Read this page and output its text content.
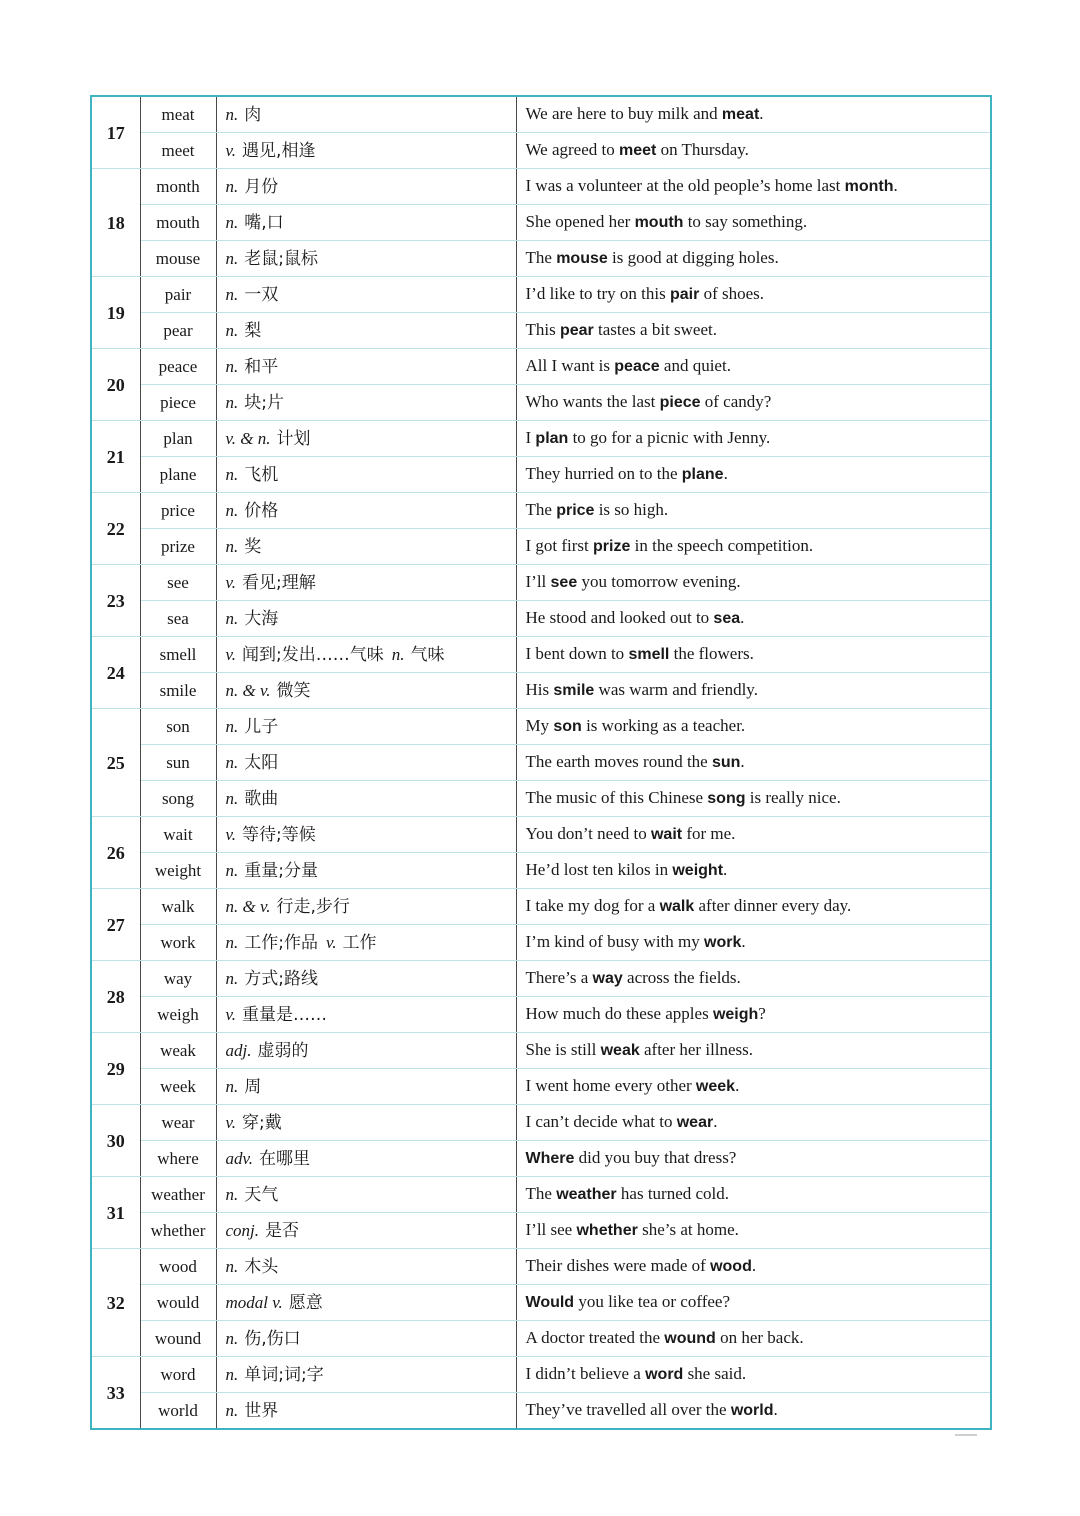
17	meat	n. 肉	We are here to buy milk and meat.
	meet	v. 遇见,相逢	We agreed to meet on Thursday.
18	month	n. 月份	I was a volunteer at the old people’s home last month.
	mouth	n. 嘴,口	She opened her mouth to say something.
	mouse	n. 老鼠;鼠标	The mouse is good at digging holes.
19	pair	n. 一双	I’d like to try on this pair of shoes.
	pear	n. 梨	This pear tastes a bit sweet.
20	peace	n. 和平	All I want is peace and quiet.
	piece	n. 块;片	Who wants the last piece of candy?
21	plan	v. & n. 计划	I plan to go for a picnic with Jenny.
	plane	n. 飞机	They hurried on to the plane.
22	price	n. 价格	The price is so high.
	prize	n. 奖	I got first prize in the speech competition.
23	see	v. 看见;理解	I’ll see you tomorrow evening.
	sea	n. 大海	He stood and looked out to sea.
24	smell	v. 闻到;发出……气味 n. 气味	I bent down to smell the flowers.
	smile	n. & v. 微笑	His smile was warm and friendly.
25	son	n. 儿子	My son is working as a teacher.
	sun	n. 太阳	The earth moves round the sun.
	song	n. 歌曲	The music of this Chinese song is really nice.
26	wait	v. 等待;等候	You don’t need to wait for me.
	weight	n. 重量;分量	He’d lost ten kilos in weight.
27	walk	n. & v. 行走,步行	I take my dog for a walk after dinner every day.
	work	n. 工作;作品 v. 工作	I’m kind of busy with my work.
28	way	n. 方式;路线	There’s a way across the fields.
	weigh	v. 重量是……	How much do these apples weigh?
29	weak	adj. 虚弱的	She is still weak after her illness.
	week	n. 周	I went home every other week.
30	wear	v. 穿;戴	I can’t decide what to wear.
	where	adv. 在哪里	Where did you buy that dress?
31	weather	n. 天气	The weather has turned cold.
	whether	conj. 是否	I’ll see whether she’s at home.
32	wood	n. 木头	Their dishes were made of wood.
	would	modal v. 愿意	Would you like tea or coffee?
	wound	n. 伤,伤口	A doctor treated the wound on her back.
33	word	n. 单词;词;字	I didn’t believe a word she said.
	world	n. 世界	They’ve travelled all over the world.
